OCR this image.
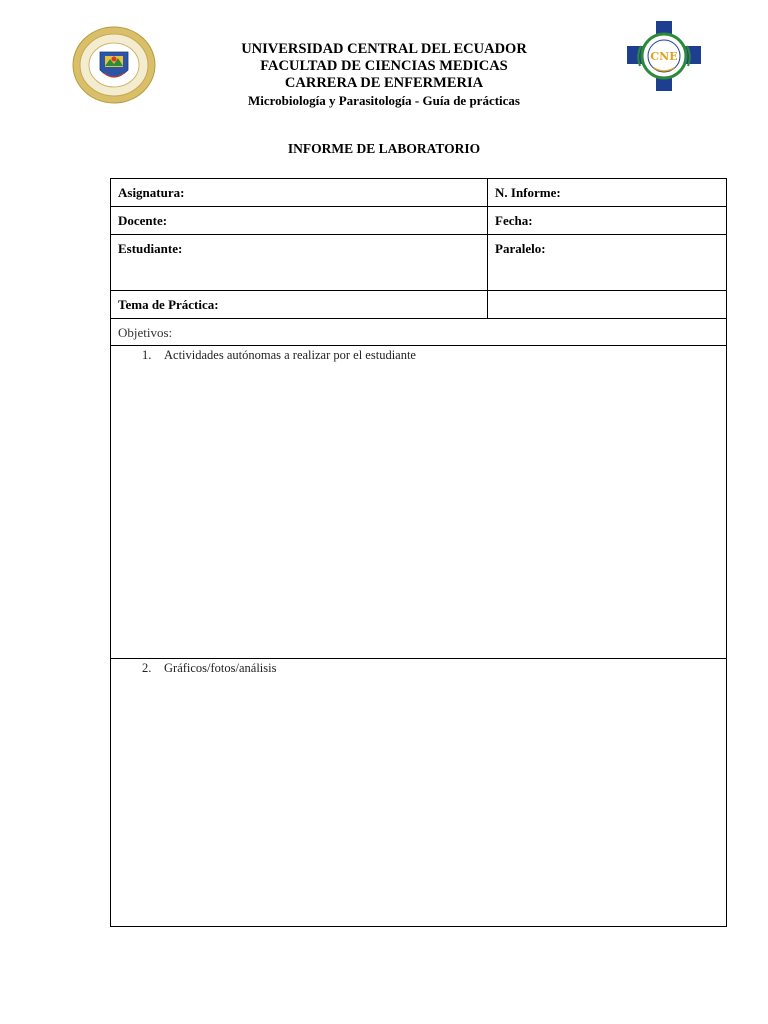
CNE
UNIVERSIDAD CENTRAL DEL ECUADOR
FACULTAD DE CIENCIAS MEDICAS
CARRERA DE ENFERMERIA
Microbiología y Parasitología - Guía de prácticas
INFORME DE LABORATORIO
Asignatura:	N. Informe:
Docente:	Fecha:
Estudiante:	Paralelo:
Tema de Práctica:	
Objetivos:	

1. Actividades autónomas a realizar por el estudiante	

2. Gráficos/fotos/análisis	
